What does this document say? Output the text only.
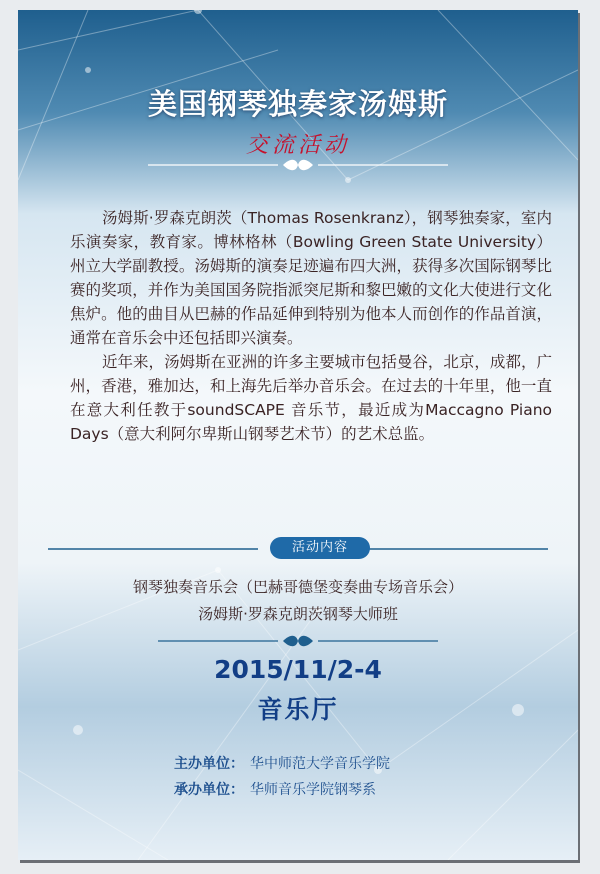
美国钢琴独奏家汤姆斯
交流活动

汤姆斯·罗森克朗茨（Thomas Rosenkranz），钢琴独奏家，室内乐演奏家，教育家。博林格林（Bowling Green State University）州立大学副教授。汤姆斯的演奏足迹遍布四大洲，获得多次国际钢琴比赛的奖项，并作为美国国务院指派突尼斯和黎巴嫩的文化大使进行文化焦炉。他的曲目从巴赫的作品延伸到特别为他本人而创作的作品首演，通常在音乐会中还包括即兴演奏。

近年来，汤姆斯在亚洲的许多主要城市包括曼谷，北京，成都，广州，香港，雅加达，和上海先后举办音乐会。在过去的十年里，他一直在意大利任教于soundSCAPE 音乐节，最近成为Maccagno Piano Days（意大利阿尔卑斯山钢琴艺术节）的艺术总监。

活动内容
钢琴独奏音乐会（巴赫哥德堡变奏曲专场音乐会）
汤姆斯·罗森克朗茨钢琴大师班
2015/11/2-4
音乐厅
主办单位： 华中师范大学音乐学院
承办单位： 华师音乐学院钢琴系
